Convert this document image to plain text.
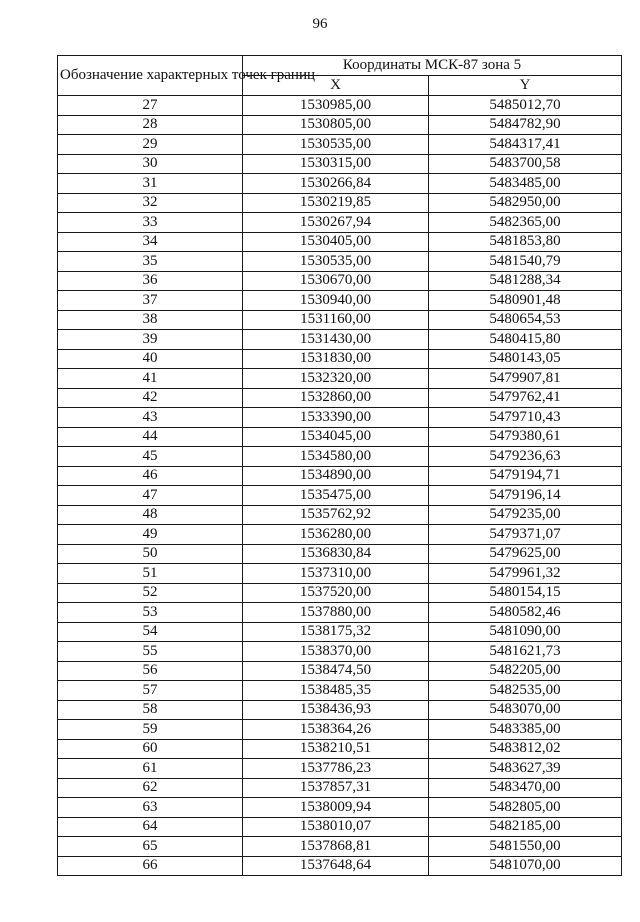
96
Обозначение характерных точек границ	Координаты МСК-87 зона 5	
	X	Y
27	1530985,00	5485012,70
28	1530805,00	5484782,90
29	1530535,00	5484317,41
30	1530315,00	5483700,58
31	1530266,84	5483485,00
32	1530219,85	5482950,00
33	1530267,94	5482365,00
34	1530405,00	5481853,80
35	1530535,00	5481540,79
36	1530670,00	5481288,34
37	1530940,00	5480901,48
38	1531160,00	5480654,53
39	1531430,00	5480415,80
40	1531830,00	5480143,05
41	1532320,00	5479907,81
42	1532860,00	5479762,41
43	1533390,00	5479710,43
44	1534045,00	5479380,61
45	1534580,00	5479236,63
46	1534890,00	5479194,71
47	1535475,00	5479196,14
48	1535762,92	5479235,00
49	1536280,00	5479371,07
50	1536830,84	5479625,00
51	1537310,00	5479961,32
52	1537520,00	5480154,15
53	1537880,00	5480582,46
54	1538175,32	5481090,00
55	1538370,00	5481621,73
56	1538474,50	5482205,00
57	1538485,35	5482535,00
58	1538436,93	5483070,00
59	1538364,26	5483385,00
60	1538210,51	5483812,02
61	1537786,23	5483627,39
62	1537857,31	5483470,00
63	1538009,94	5482805,00
64	1538010,07	5482185,00
65	1537868,81	5481550,00
66	1537648,64	5481070,00
